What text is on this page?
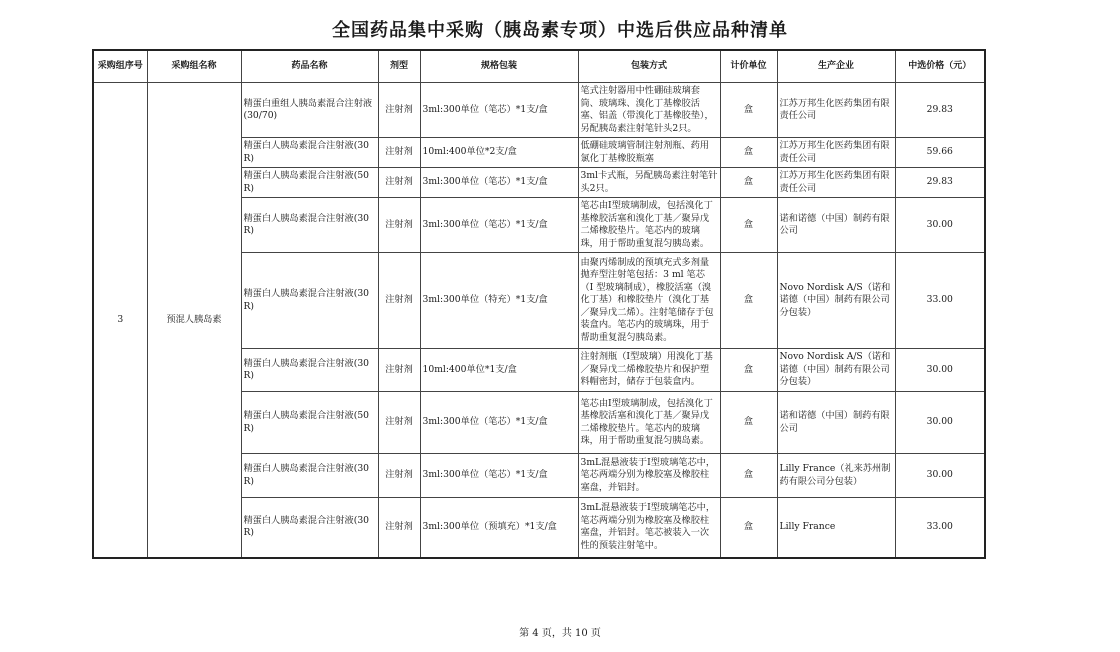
全国药品集中采购（胰岛素专项）中选后供应品种清单
采购组序号	采购组名称	药品名称	剂型	规格包装	包装方式	计价单位	生产企业	中选价格（元）
3	预混人胰岛素	精蛋白重组人胰岛素混合注射液(30/70)	注射剂	3ml:300单位（笔芯）*1支/盒	笔式注射器用中性硼硅玻璃套筒、玻璃珠、溴化丁基橡胶活塞、铝盖（带溴化丁基橡胶垫），另配胰岛素注射笔针头2只。	盒	江苏万邦生化医药集团有限责任公司	29.83
		精蛋白人胰岛素混合注射液(30R)	注射剂	10ml:400单位*2支/盒	低硼硅玻璃管制注射剂瓶、药用氯化丁基橡胶瓶塞	盒	江苏万邦生化医药集团有限责任公司	59.66
		精蛋白人胰岛素混合注射液(50R)	注射剂	3ml:300单位（笔芯）*1支/盒	3ml卡式瓶，另配胰岛素注射笔针头2只。	盒	江苏万邦生化医药集团有限责任公司	29.83
		精蛋白人胰岛素混合注射液(30R)	注射剂	3ml:300单位（笔芯）*1支/盒	笔芯由I型玻璃制成，包括溴化丁基橡胶活塞和溴化丁基／聚异戊二烯橡胶垫片。笔芯内的玻璃珠，用于帮助重复混匀胰岛素。	盒	诺和诺德（中国）制药有限公司	30.00
		精蛋白人胰岛素混合注射液(30R)	注射剂	3ml:300单位（特充）*1支/盒	由聚丙烯制成的预填充式多剂量抛弃型注射笔包括：3 ml 笔芯（I 型玻璃制成），橡胶活塞（溴化丁基）和橡胶垫片（溴化丁基／聚异戊二烯）。注射笔储存于包装盒内。笔芯内的玻璃珠，用于帮助重复混匀胰岛素。	盒	Novo Nordisk A/S（诺和诺德（中国）制药有限公司分包装）	33.00
		精蛋白人胰岛素混合注射液(30R)	注射剂	10ml:400单位*1支/盒	注射剂瓶（I型玻璃）用溴化丁基／聚异戊二烯橡胶垫片和保护塑料帽密封，储存于包装盒内。	盒	Novo Nordisk A/S（诺和诺德（中国）制药有限公司分包装）	30.00
		精蛋白人胰岛素混合注射液(50R)	注射剂	3ml:300单位（笔芯）*1支/盒	笔芯由I型玻璃制成，包括溴化丁基橡胶活塞和溴化丁基／聚异戊二烯橡胶垫片。笔芯内的玻璃珠，用于帮助重复混匀胰岛素。	盒	诺和诺德（中国）制药有限公司	30.00
		精蛋白人胰岛素混合注射液(30R)	注射剂	3ml:300单位（笔芯）*1支/盒	3mL混悬液装于I型玻璃笔芯中，笔芯两端分别为橡胶塞及橡胶柱塞盘，并铝封。	盒	Lilly France（礼来苏州制药有限公司分包装）	30.00
		精蛋白人胰岛素混合注射液(30R)	注射剂	3ml:300单位（预填充）*1支/盒	3mL混悬液装于I型玻璃笔芯中，笔芯两端分别为橡胶塞及橡胶柱塞盘，并铝封。笔芯被装入一次性的预装注射笔中。	盒	Lilly France	33.00
第 4 页，共 10 页
